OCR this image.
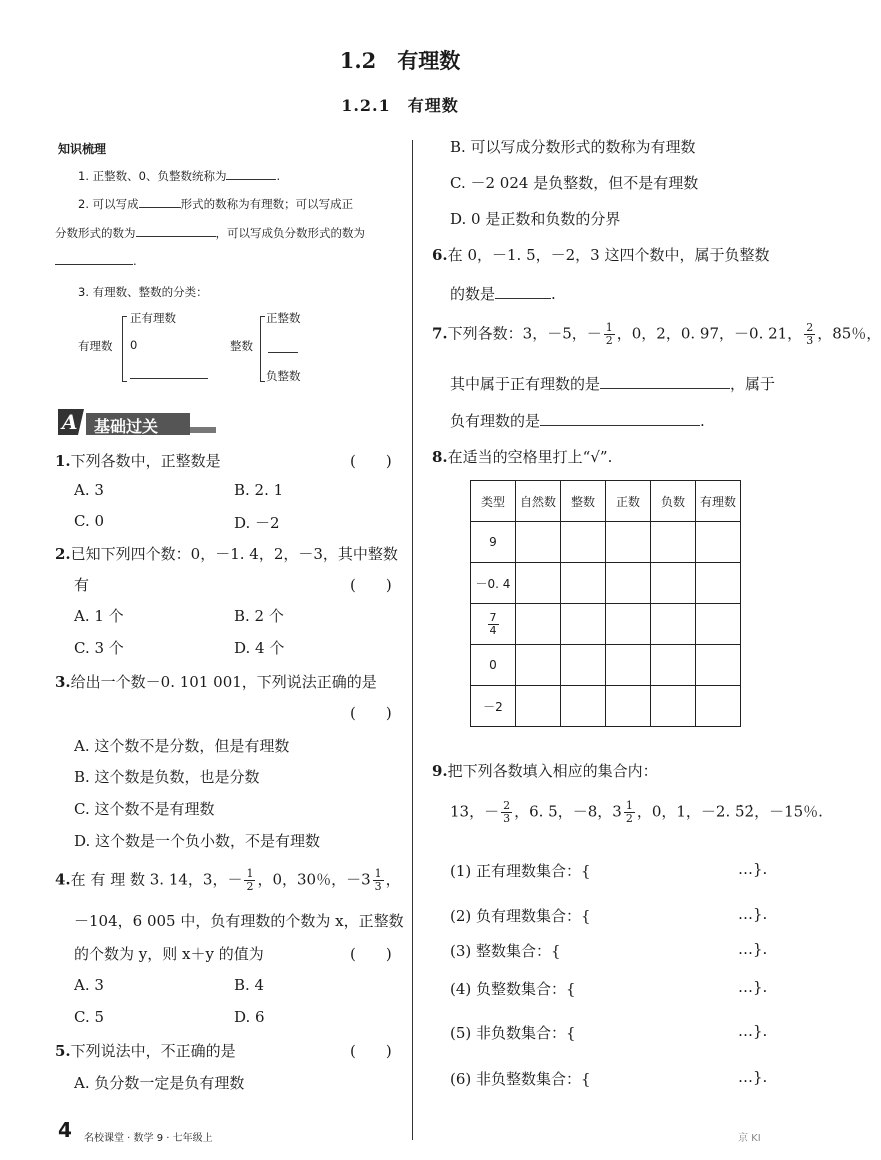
1.2　有理数
1.2.1　有理数
知识梳理
1. 正整数、0、负整数统称为	.
2. 可以写成	形式的数称为有理数；可以写成正
分数形式的数为	，可以写成负分数形式的数为
.
3. 有理数、整数的分类：
有理数
正有理数
0	整数
正整数
负整数
A 基础过关
1.下列各数中，正整数是	(　　)
A. 3	B. 2. 1
C. 0	D. －2
2.已知下列四个数：0，－1. 4，2，－3，其中整数
有	(　　)
A. 1 个	B. 2 个
C. 3 个	D. 4 个
3.给出一个数－0. 101 001，下列说法正确的是
(　　)
A. 这个数不是分数，但是有理数
B. 这个数是负数，也是分数
C. 这个数不是有理数
D. 这个数是一个负小数，不是有理数
4.在 有 理 数 3. 14，3，－ $\frac{1}{2}$ ，0，30％，$-3 \frac{1}{3}$ ，
－104，6 005 中，负有理数的个数为 x，正整数
的个数为 y，则 x＋y 的值为	(　　)
A. 3	B. 4
C. 5	D. 6
5.下列说法中，不正确的是	(　　)
A. 负分数一定是负有理数
B. 可以写成分数形式的数称为有理数
C. －2 024 是负整数，但不是有理数
D. 0 是正数和负数的分界
6.在 0，－1. 5，－2，3 这四个数中，属于负整数
的数是	.
7.下列各数：3，－5，－ $\frac{1}{2}$ ，0，2，0. 97，－0. 21， $\frac{2}{3}$ ，85％，
其中属于正有理数的是	，属于
负有理数的是	.
8.在适当的空格里打上“√”.
类型	自然数	整数	正数	负数	有理数
9					
－0. 4					

$\frac{7}{4}$

0					
－2					
9.把下列各数填入相应的集合内：
13，－ $\frac{2}{3}$ ，6. 5，－8，$3 \frac{1}{2}$ ，0，1，－2. 5̇2̇，－15％.
(1) 正有理数集合：{	…}.
(2) 负有理数集合：{	…}.
(3) 整数集合：{	…}.
(4) 负整数集合：{	…}.
(5) 非负数集合：{	…}.
(6) 非负整数集合：{	…}.
4 名校课堂 · 数学 9 · 七年级上	京 KI
